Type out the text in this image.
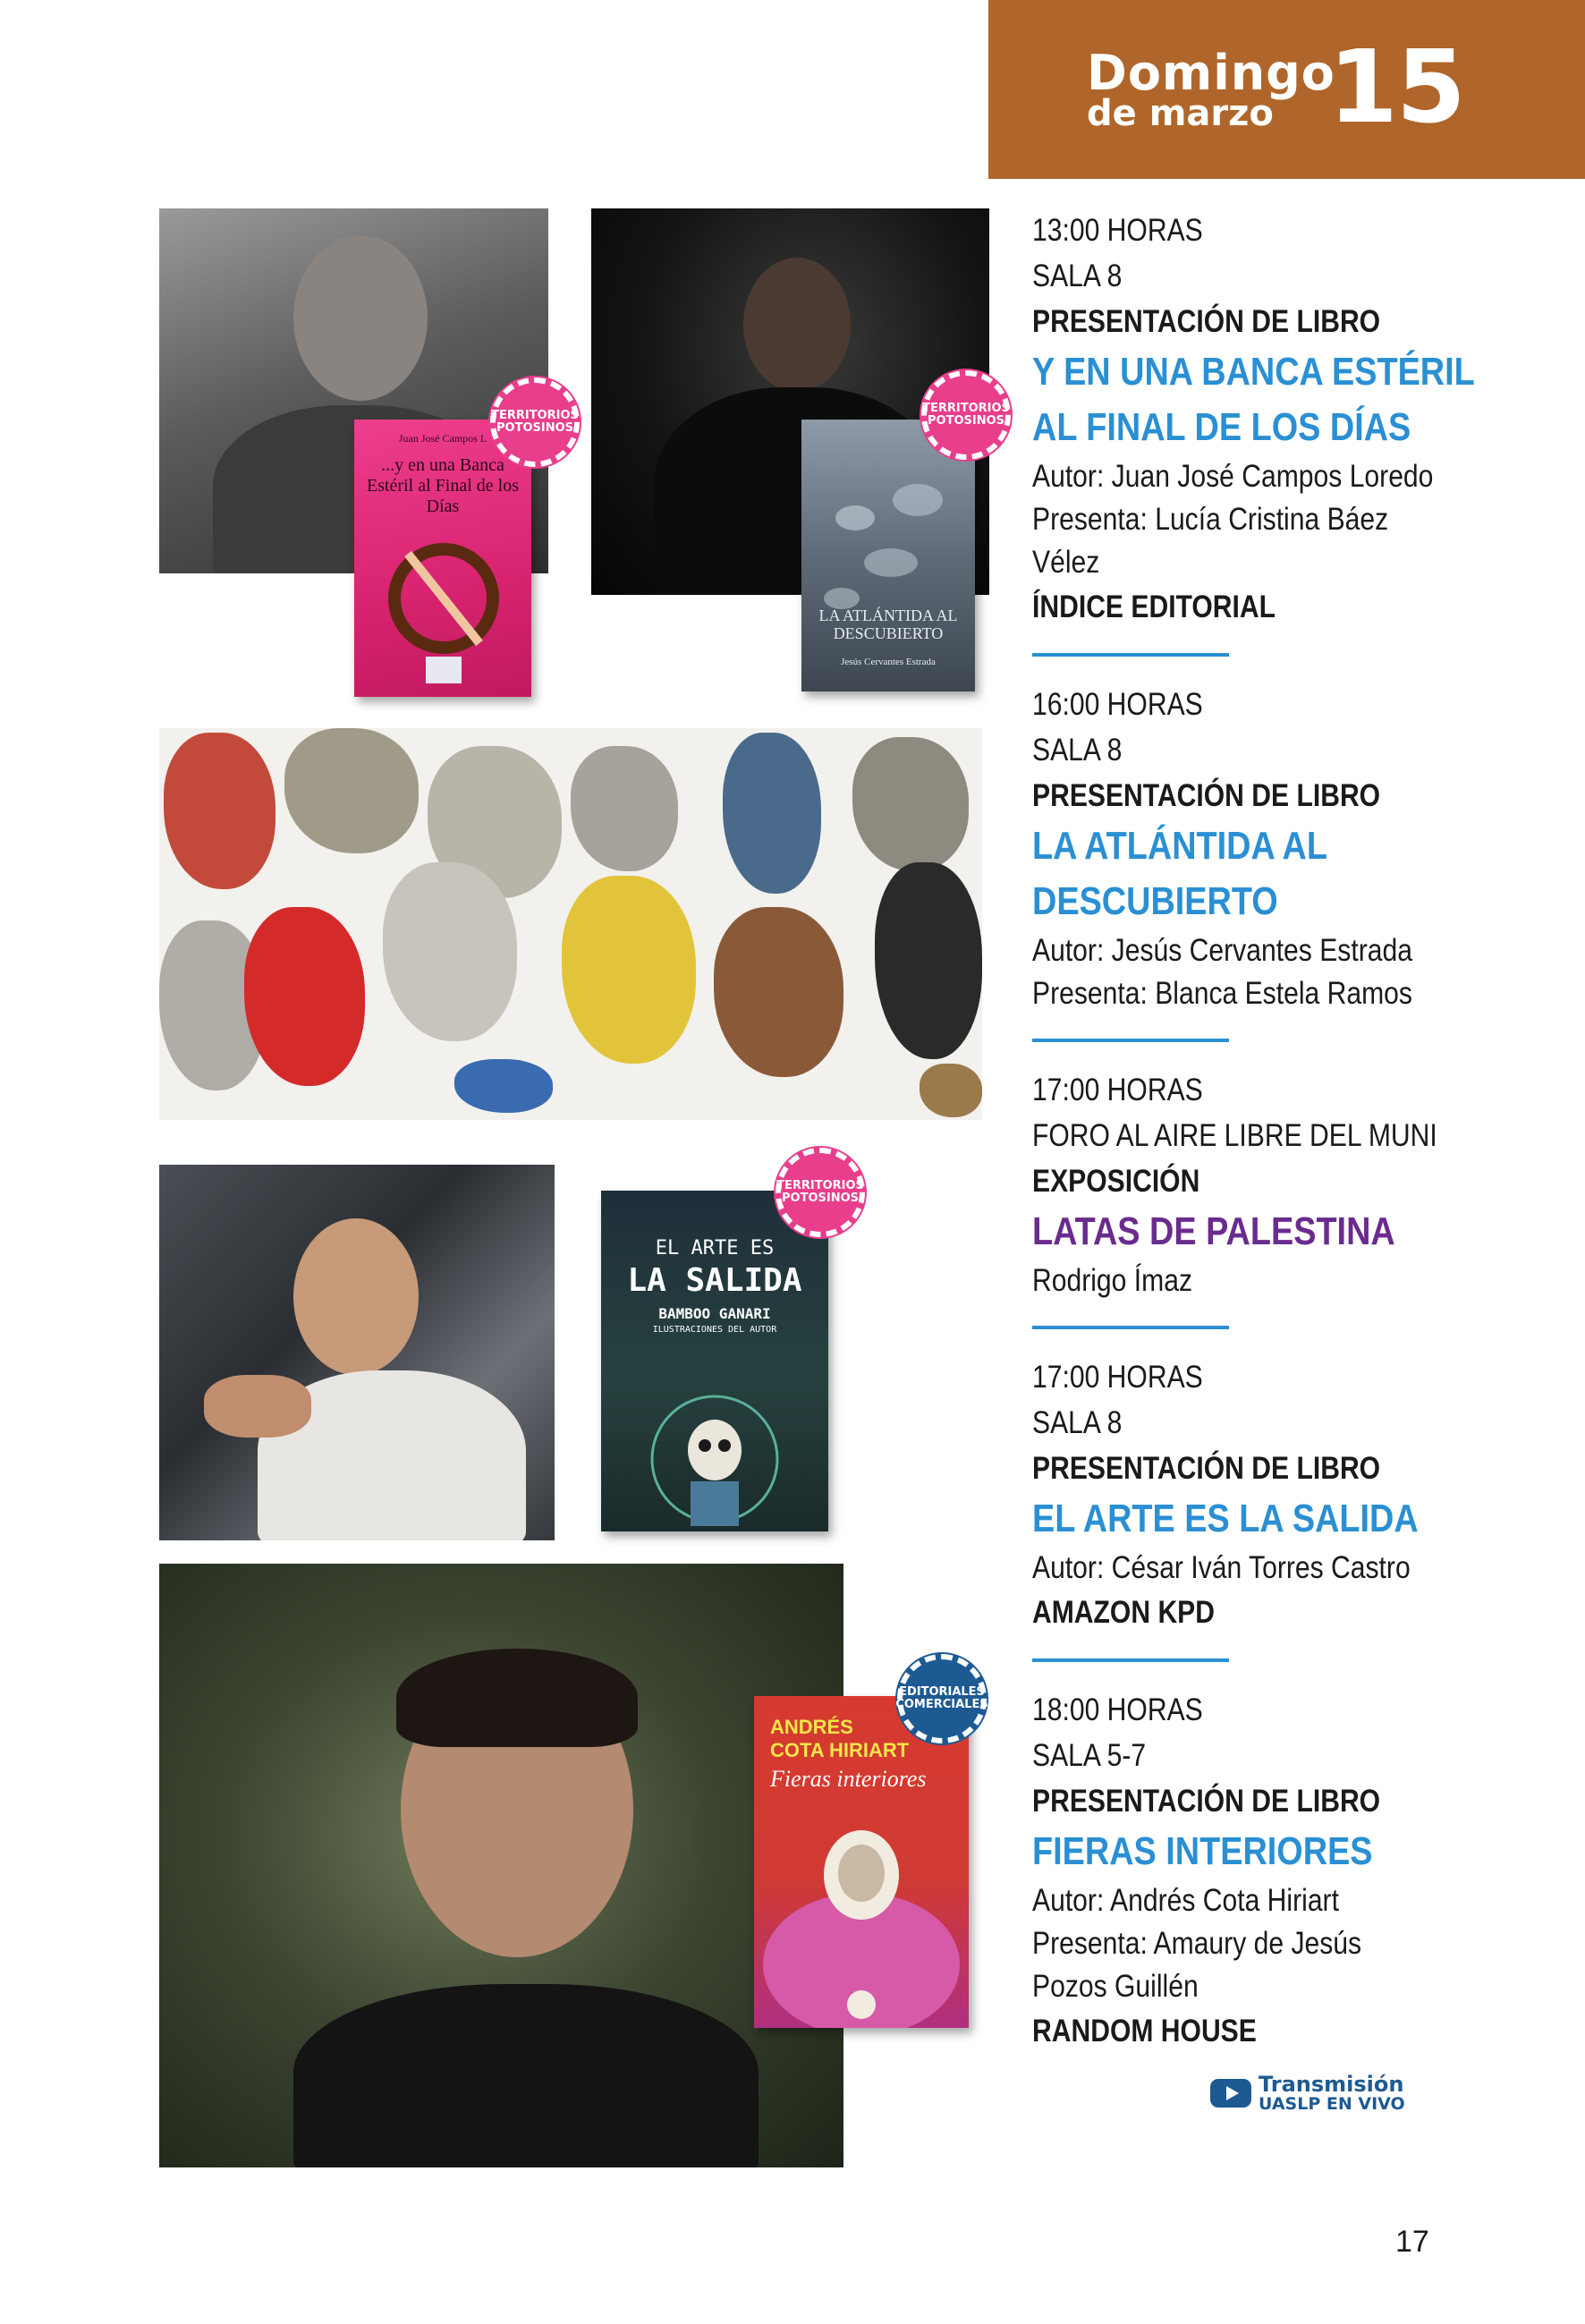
Domingo
de marzo 15
Juan José Campos L
...y en una Banca Estéril al Final de los Días
TERRITORIOS POTOSINOS
LA ATLÁNTIDA AL DESCUBIERTO
Jesús Cervantes Estrada
TERRITORIOS POTOSINOS
EL ARTE ES
LA SALIDA
BAMBOO GANARI
ILUSTRACIONES DEL AUTOR
TERRITORIOS POTOSINOS
ANDRÉS
COTA HIRIART
Fieras interiores
EDITORIALES COMERCIALES
13:00 HORAS
SALA 8
PRESENTACIÓN DE LIBRO
Y EN UNA BANCA ESTÉRIL
AL FINAL DE LOS DÍAS
Autor: Juan José Campos Loredo
Presenta: Lucía Cristina Báez
Vélez
ÍNDICE EDITORIAL
16:00 HORAS
SALA 8
PRESENTACIÓN DE LIBRO
LA ATLÁNTIDA AL
DESCUBIERTO
Autor: Jesús Cervantes Estrada
Presenta: Blanca Estela Ramos
17:00 HORAS
FORO AL AIRE LIBRE DEL MUNI
EXPOSICIÓN
LATAS DE PALESTINA
Rodrigo Ímaz
17:00 HORAS
SALA 8
PRESENTACIÓN DE LIBRO
EL ARTE ES LA SALIDA
Autor: César Iván Torres Castro
AMAZON KPD
18:00 HORAS
SALA 5-7
PRESENTACIÓN DE LIBRO
FIERAS INTERIORES
Autor: Andrés Cota Hiriart
Presenta: Amaury de Jesús
Pozos Guillén
RANDOM HOUSE
Transmisión
UASLP EN VIVO
17
